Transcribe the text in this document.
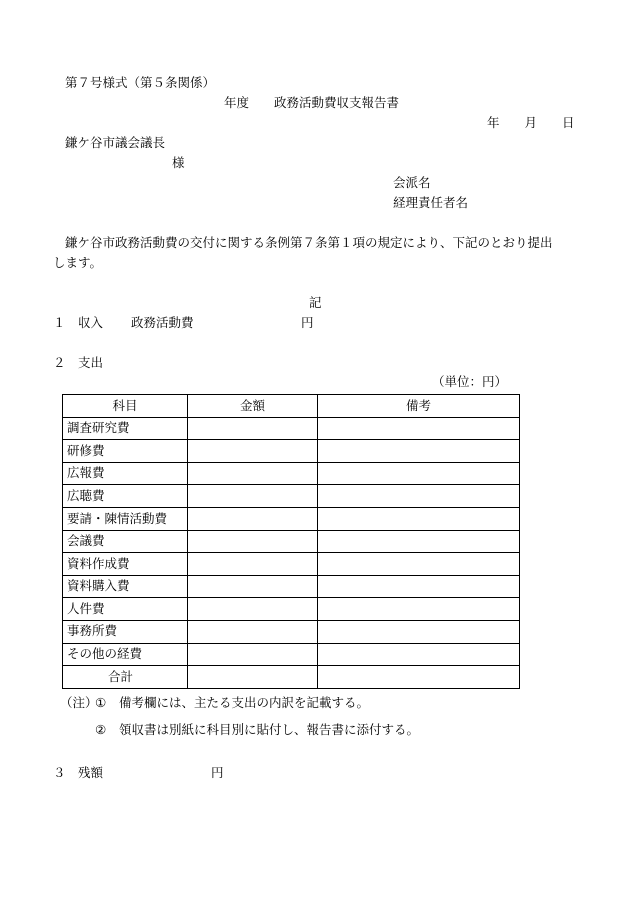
第７号様式（第５条関係）
年度　　政務活動費収支報告書
年　　月　　日
鎌ケ谷市議会議長
様
会派名
経理責任者名
鎌ケ谷市政務活動費の交付に関する条例第７条第１項の規定により、下記のとおり提出
します。
記
１　収入 政務活動費	円
２　支出
（単位：円）
科目	金額	備考
調査研究費		
研修費		
広報費		
広聴費		
要請・陳情活動費		
会議費		
資料作成費		
資料購入費		
人件費		
事務所費		
その他の経費		
合計		
（注）
① 備考欄には、主たる支出の内訳を記載する。
② 領収書は別紙に科目別に貼付し、報告書に添付する。
３　残額	円
